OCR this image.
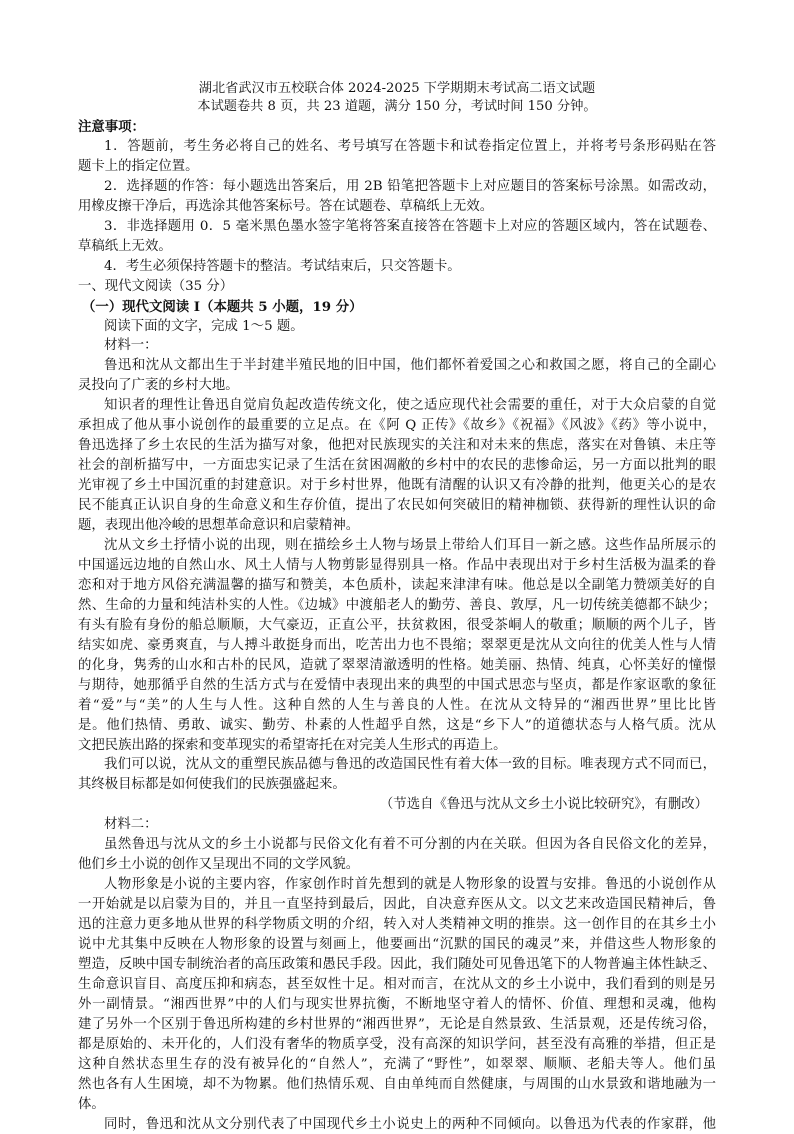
湖北省武汉市五校联合体 2024-2025 下学期期末考试高二语文试题
本试题卷共 8 页，共 23 道题，满分 150 分，考试时间 150 分钟。
注意事项：
1．答题前，考生务必将自己的姓名、考号填写在答题卡和试卷指定位置上，并将考号条形码贴在答
题卡上的指定位置。
2．选择题的作答：每小题选出答案后，用 2B 铅笔把答题卡上对应题目的答案标号涂黑。如需改动，
用橡皮擦干净后，再选涂其他答案标号。答在试题卷、草稿纸上无效。
3．非选择题用 0．5 毫米黑色墨水签字笔将答案直接答在答题卡上对应的答题区域内，答在试题卷、
草稿纸上无效。
4．考生必须保持答题卡的整洁。考试结束后，只交答题卡。
一、现代文阅读（35 分）
（一）现代文阅读 I（本题共 5 小题，19 分）
阅读下面的文字，完成 1～5 题。
材料一：
鲁迅和沈从文都出生于半封建半殖民地的旧中国，他们都怀着爱国之心和救国之愿，将自己的全副心
灵投向了广袤的乡村大地。
知识者的理性让鲁迅自觉肩负起改造传统文化，使之适应现代社会需要的重任，对于大众启蒙的自觉
承担成了他从事小说创作的最重要的立足点。在《阿 Q 正传》《故乡》《祝福》《风波》《药》等小说中，
鲁迅选择了乡土农民的生活为描写对象，他把对民族现实的关注和对未来的焦虑，落实在对鲁镇、未庄等
社会的剖析描写中，一方面忠实记录了生活在贫困凋敝的乡村中的农民的悲惨命运，另一方面以批判的眼
光审视了乡土中国沉重的封建意识。对于乡村世界，他既有清醒的认识又有冷静的批判，他更关心的是农
民不能真正认识自身的生命意义和生存价值，提出了农民如何突破旧的精神枷锁、获得新的理性认识的命
题，表现出他冷峻的思想革命意识和启蒙精神。
沈从文乡土抒情小说的出现，则在描绘乡土人物与场景上带给人们耳目一新之感。这些作品所展示的
中国遥远边地的自然山水、风土人情与人物剪影显得别具一格。作品中表现出对于乡村生活极为温柔的眷
恋和对于地方风俗充满温馨的描写和赞美，本色质朴，读起来津津有味。他总是以全副笔力赞颂美好的自
然、生命的力量和纯洁朴实的人性。《边城》中渡船老人的勤劳、善良、敦厚，凡一切传统美德都不缺少；
有头有脸有身份的船总顺顺，大气豪迈，正直公平，扶贫救困，很受茶峒人的敬重；顺顺的两个儿子，皆
结实如虎、豪勇爽直，与人搏斗敢挺身而出，吃苦出力也不畏缩；翠翠更是沈从文向往的优美人性与人情
的化身，隽秀的山水和古朴的民风，造就了翠翠清澈透明的性格。她美丽、热情、纯真，心怀美好的憧憬
与期待，她那循乎自然的生活方式与在爱情中表现出来的典型的中国式思恋与坚贞，都是作家讴歌的象征
着“爱”与“美”的人生与人性。这种自然的人生与善良的人性。在沈从文特异的“湘西世界”里比比皆
是。他们热情、勇敢、诚实、勤劳、朴素的人性超乎自然，这是“乡下人”的道德状态与人格气质。沈从
文把民族出路的探索和变革现实的希望寄托在对完美人生形式的再造上。
我们可以说，沈从文的重塑民族品德与鲁迅的改造国民性有着大体一致的目标。唯表现方式不同而已，
其终极目标都是如何使我们的民族强盛起来。
（节选自《鲁迅与沈从文乡土小说比较研究》，有删改）
材料二：
虽然鲁迅与沈从文的乡土小说都与民俗文化有着不可分割的内在关联。但因为各自民俗文化的差异，
他们乡土小说的创作又呈现出不同的文学风貌。
人物形象是小说的主要内容，作家创作时首先想到的就是人物形象的设置与安排。鲁迅的小说创作从
一开始就是以启蒙为目的，并且一直坚持到最后，因此，自决意弃医从文。以文艺来改造国民精神后，鲁
迅的注意力更多地从世界的科学物质文明的介绍，转入对人类精神文明的推崇。这一创作目的在其乡土小
说中尤其集中反映在人物形象的设置与刻画上，他要画出“沉默的国民的魂灵”来，并借这些人物形象的
塑造，反映中国专制统治者的高压政策和愚民手段。因此，我们随处可见鲁迅笔下的人物普遍主体性缺乏、
生命意识盲目、高度压抑和病态，甚至奴性十足。相对而言，在沈从文的乡土小说中，我们看到的则是另
外一副情景。“湘西世界”中的人们与现实世界抗衡，不断地坚守着人的情怀、价值、理想和灵魂，他构
建了另外一个区别于鲁迅所构建的乡村世界的“湘西世界”，无论是自然景致、生活景观，还是传统习俗，
都是原始的、未开化的，人们没有奢华的物质享受，没有高深的知识学问，甚至没有高雅的举措，但正是
这种自然状态里生存的没有被异化的“自然人”，充满了“野性”，如翠翠、顺顺、老船夫等人。他们虽
然也各有人生困境，却不为物累。他们热情乐观、自由单纯而自然健康，与周围的山水景致和谐地融为一
体。
同时，鲁迅和沈从文分别代表了中国现代乡土小说史上的两种不同倾向。以鲁迅为代表的作家群，他
